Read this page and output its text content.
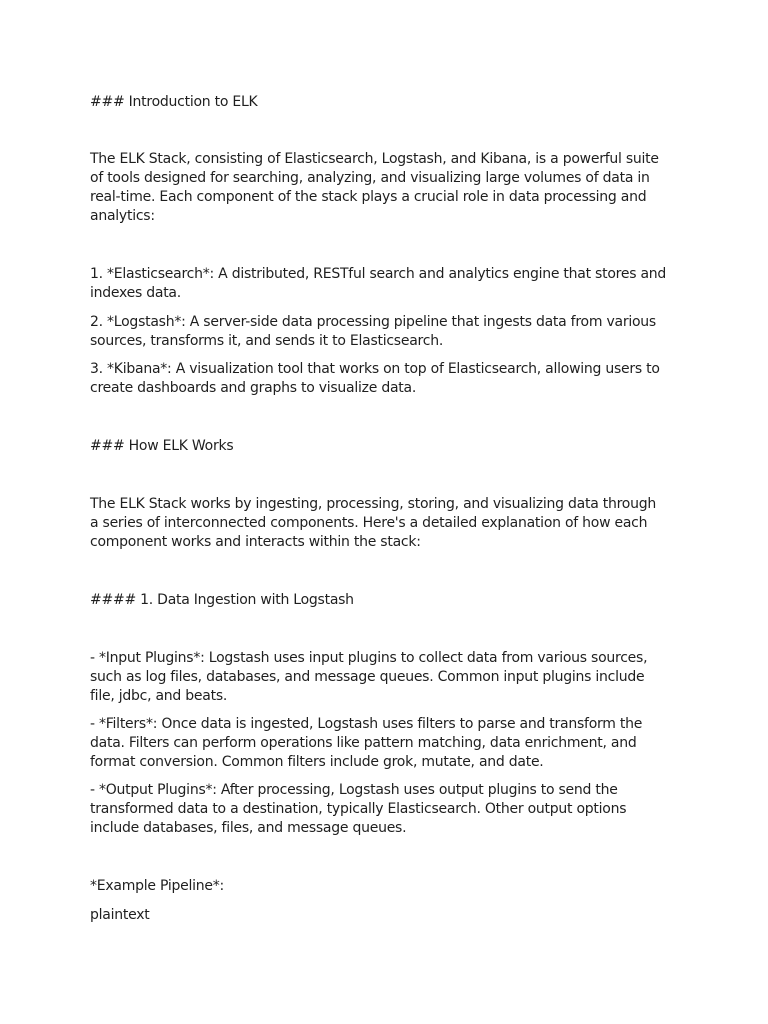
### Introduction to ELK

The ELK Stack, consisting of Elasticsearch, Logstash, and Kibana, is a powerful suite

of tools designed for searching, analyzing, and visualizing large volumes of data in

real-time. Each component of the stack plays a crucial role in data processing and

analytics:

1. *Elasticsearch*: A distributed, RESTful search and analytics engine that stores and

indexes data.

2. *Logstash*: A server-side data processing pipeline that ingests data from various

sources, transforms it, and sends it to Elasticsearch.

3. *Kibana*: A visualization tool that works on top of Elasticsearch, allowing users to

create dashboards and graphs to visualize data.

### How ELK Works

The ELK Stack works by ingesting, processing, storing, and visualizing data through

a series of interconnected components. Here's a detailed explanation of how each

component works and interacts within the stack:

#### 1. Data Ingestion with Logstash

- *Input Plugins*: Logstash uses input plugins to collect data from various sources,

such as log files, databases, and message queues. Common input plugins include

file, jdbc, and beats.

- *Filters*: Once data is ingested, Logstash uses filters to parse and transform the

data. Filters can perform operations like pattern matching, data enrichment, and

format conversion. Common filters include grok, mutate, and date.

- *Output Plugins*: After processing, Logstash uses output plugins to send the

transformed data to a destination, typically Elasticsearch. Other output options

include databases, files, and message queues.

*Example Pipeline*:

plaintext
